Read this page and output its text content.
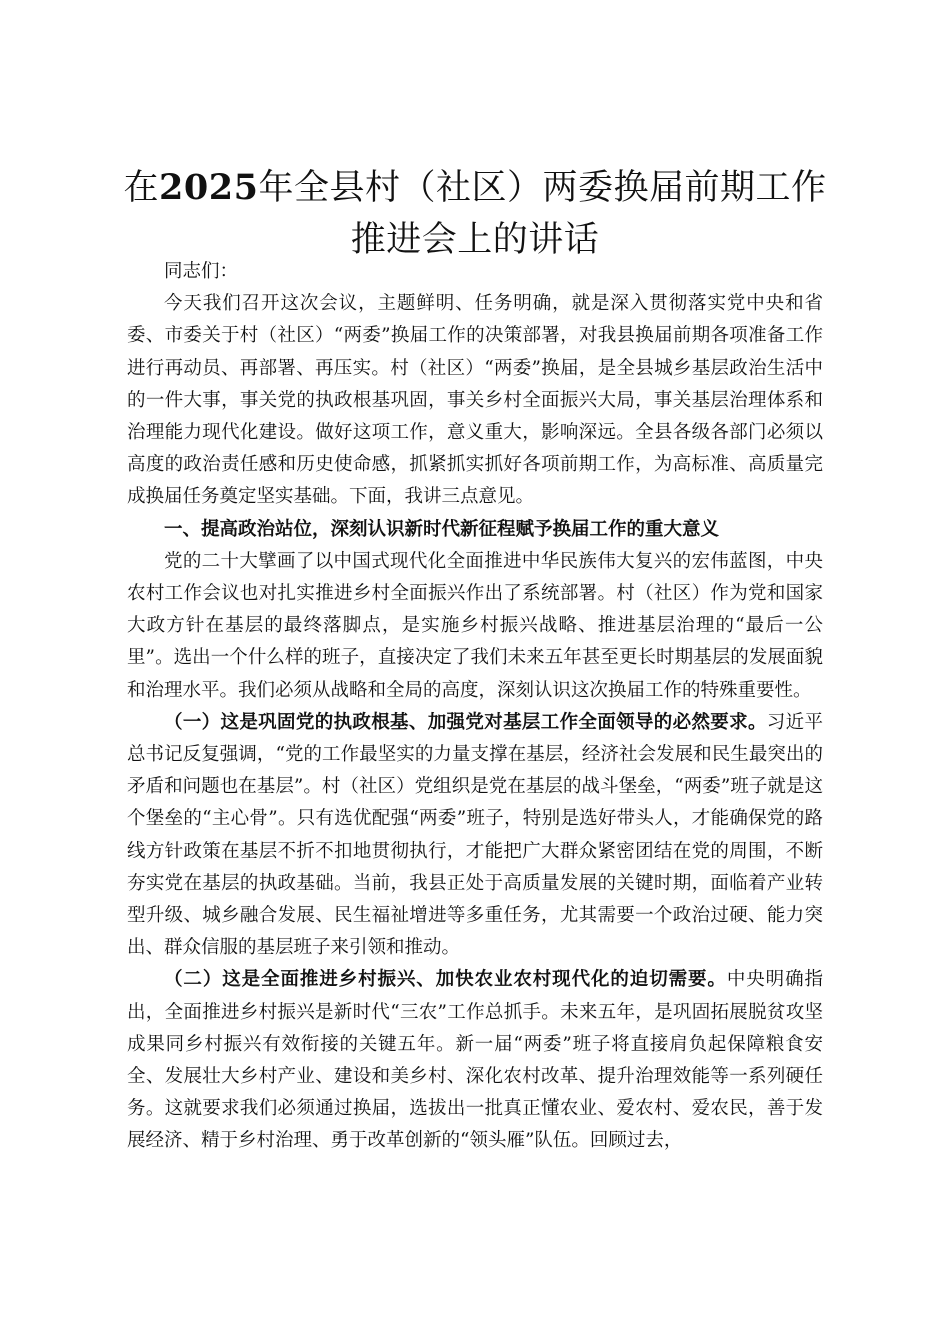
在2025年全县村（社区）两委换届前期工作
推进会上的讲话

同志们：

今天我们召开这次会议，主题鲜明、任务明确，就是深入贯彻落实党中央和省委、市委关于村（社区）“两委”换届工作的决策部署，对我县换届前期各项准备工作进行再动员、再部署、再压实。村（社区）“两委”换届，是全县城乡基层政治生活中的一件大事，事关党的执政根基巩固，事关乡村全面振兴大局，事关基层治理体系和治理能力现代化建设。做好这项工作，意义重大，影响深远。全县各级各部门必须以高度的政治责任感和历史使命感，抓紧抓实抓好各项前期工作，为高标准、高质量完成换届任务奠定坚实基础。下面，我讲三点意见。

一、提高政治站位，深刻认识新时代新征程赋予换届工作的重大意义

党的二十大擘画了以中国式现代化全面推进中华民族伟大复兴的宏伟蓝图，中央农村工作会议也对扎实推进乡村全面振兴作出了系统部署。村（社区）作为党和国家大政方针在基层的最终落脚点，是实施乡村振兴战略、推进基层治理的“最后一公里”。选出一个什么样的班子，直接决定了我们未来五年甚至更长时期基层的发展面貌和治理水平。我们必须从战略和全局的高度，深刻认识这次换届工作的特殊重要性。

（一）这是巩固党的执政根基、加强党对基层工作全面领导的必然要求。习近平总书记反复强调，“党的工作最坚实的力量支撑在基层，经济社会发展和民生最突出的矛盾和问题也在基层”。村（社区）党组织是党在基层的战斗堡垒，“两委”班子就是这个堡垒的“主心骨”。只有选优配强“两委”班子，特别是选好带头人，才能确保党的路线方针政策在基层不折不扣地贯彻执行，才能把广大群众紧密团结在党的周围，不断夯实党在基层的执政基础。当前，我县正处于高质量发展的关键时期，面临着产业转型升级、城乡融合发展、民生福祉增进等多重任务，尤其需要一个政治过硬、能力突出、群众信服的基层班子来引领和推动。

（二）这是全面推进乡村振兴、加快农业农村现代化的迫切需要。中央明确指出，全面推进乡村振兴是新时代“三农”工作总抓手。未来五年，是巩固拓展脱贫攻坚成果同乡村振兴有效衔接的关键五年。新一届“两委”班子将直接肩负起保障粮食安全、发展壮大乡村产业、建设和美乡村、深化农村改革、提升治理效能等一系列硬任务。这就要求我们必须通过换届，选拔出一批真正懂农业、爱农村、爱农民，善于发展经济、精于乡村治理、勇于改革创新的“领头雁”队伍。回顾过去，
